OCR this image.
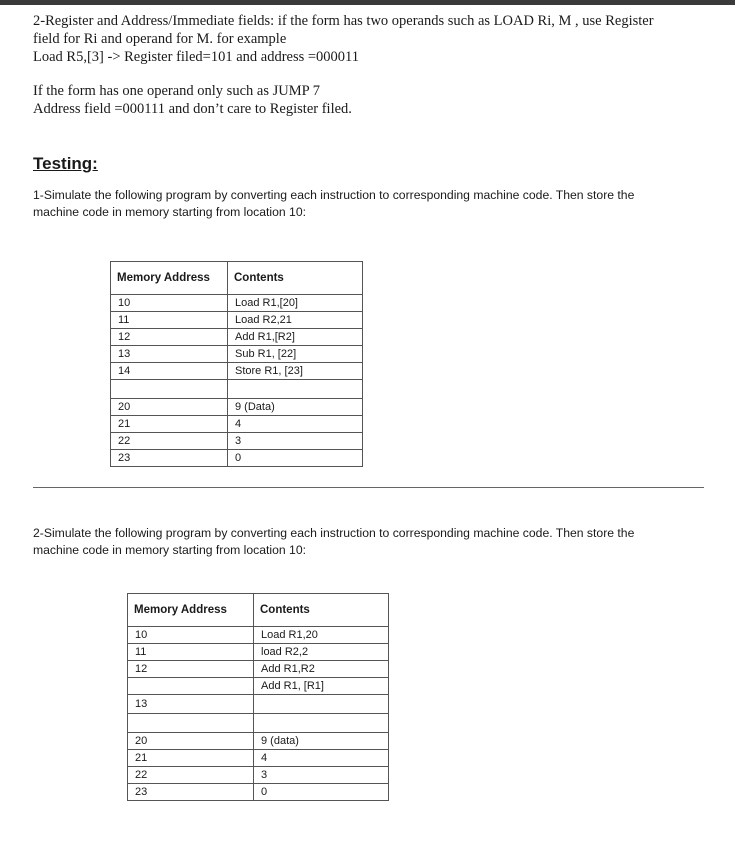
2-Register and Address/Immediate fields: if the form has two operands such as LOAD Ri, M , use Register
field for Ri and operand for M. for example
Load R5,[3] -> Register filed=101 and address =000011
If the form has one operand only such as JUMP 7
Address field =000111 and don’t care to Register filed.
Testing:
1-Simulate the following program by converting each instruction to corresponding machine code. Then store the machine code in memory starting from location 10:
Memory Address	Contents
10	Load R1,[20]
11	Load R2,21
12	Add R1,[R2]
13	Sub R1, [22]
14	Store R1, [23]

20	9 (Data)
21	4
22	3
23	0
2-Simulate the following program by converting each instruction to corresponding machine code. Then store the machine code in memory starting from location 10:
Memory Address	Contents
10	Load R1,20
11	load R2,2
12	Add R1,R2
	Add R1, [R1]
13	

20	9 (data)
21	4
22	3
23	0
